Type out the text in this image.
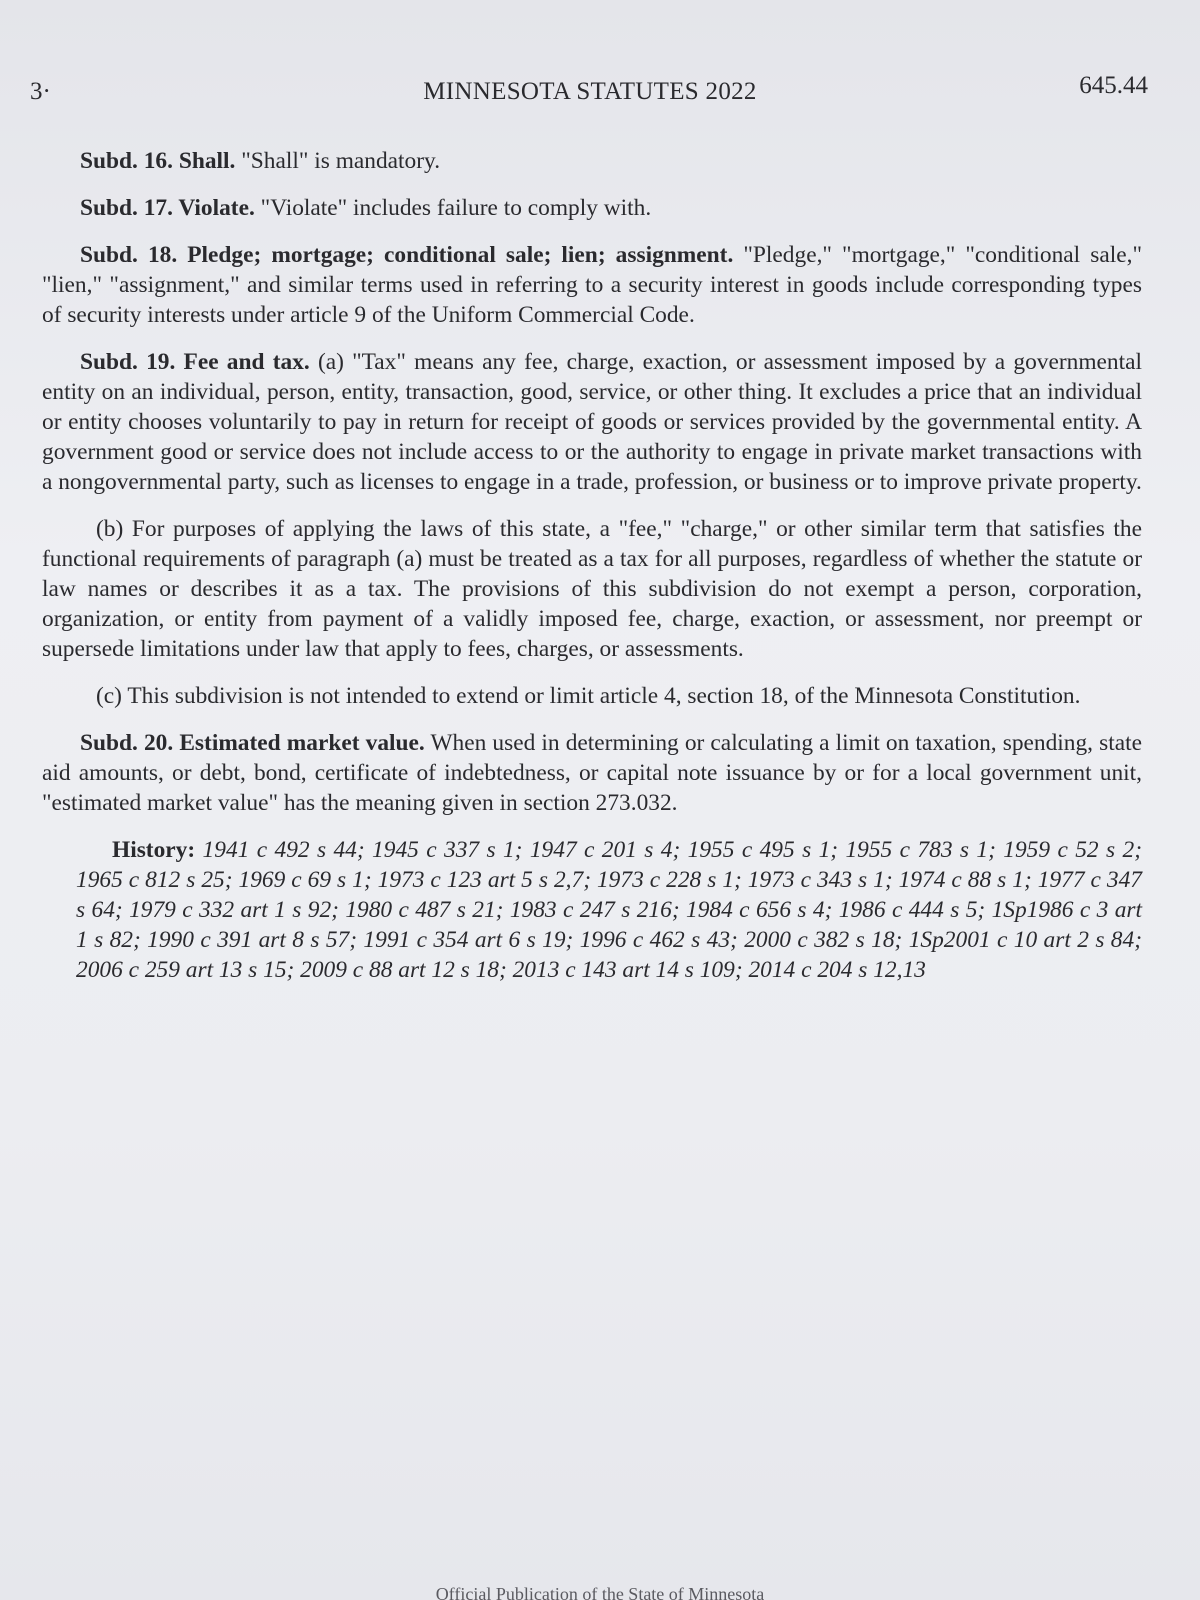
3·	MINNESOTA STATUTES 2022	645.44

Subd. 16. Shall. "Shall" is mandatory.

Subd. 17. Violate. "Violate" includes failure to comply with.

Subd. 18. Pledge; mortgage; conditional sale; lien; assignment. "Pledge," "mortgage," "conditional sale," "lien," "assignment," and similar terms used in referring to a security interest in goods include corresponding types of security interests under article 9 of the Uniform Commercial Code.

Subd. 19. Fee and tax. (a) "Tax" means any fee, charge, exaction, or assessment imposed by a governmental entity on an individual, person, entity, transaction, good, service, or other thing. It excludes a price that an individual or entity chooses voluntarily to pay in return for receipt of goods or services provided by the governmental entity. A government good or service does not include access to or the authority to engage in private market transactions with a nongovernmental party, such as licenses to engage in a trade, profession, or business or to improve private property.

(b) For purposes of applying the laws of this state, a "fee," "charge," or other similar term that satisfies the functional requirements of paragraph (a) must be treated as a tax for all purposes, regardless of whether the statute or law names or describes it as a tax. The provisions of this subdivision do not exempt a person, corporation, organization, or entity from payment of a validly imposed fee, charge, exaction, or assessment, nor preempt or supersede limitations under law that apply to fees, charges, or assessments.

(c) This subdivision is not intended to extend or limit article 4, section 18, of the Minnesota Constitution.

Subd. 20. Estimated market value. When used in determining or calculating a limit on taxation, spending, state aid amounts, or debt, bond, certificate of indebtedness, or capital note issuance by or for a local government unit, "estimated market value" has the meaning given in section 273.032.

History: 1941 c 492 s 44; 1945 c 337 s 1; 1947 c 201 s 4; 1955 c 495 s 1; 1955 c 783 s 1; 1959 c 52 s 2; 1965 c 812 s 25; 1969 c 69 s 1; 1973 c 123 art 5 s 2,7; 1973 c 228 s 1; 1973 c 343 s 1; 1974 c 88 s 1; 1977 c 347 s 64; 1979 c 332 art 1 s 92; 1980 c 487 s 21; 1983 c 247 s 216; 1984 c 656 s 4; 1986 c 444 s 5; 1Sp1986 c 3 art 1 s 82; 1990 c 391 art 8 s 57; 1991 c 354 art 6 s 19; 1996 c 462 s 43; 2000 c 382 s 18; 1Sp2001 c 10 art 2 s 84; 2006 c 259 art 13 s 15; 2009 c 88 art 12 s 18; 2013 c 143 art 14 s 109; 2014 c 204 s 12,13

Official Publication of the State of Minnesota
